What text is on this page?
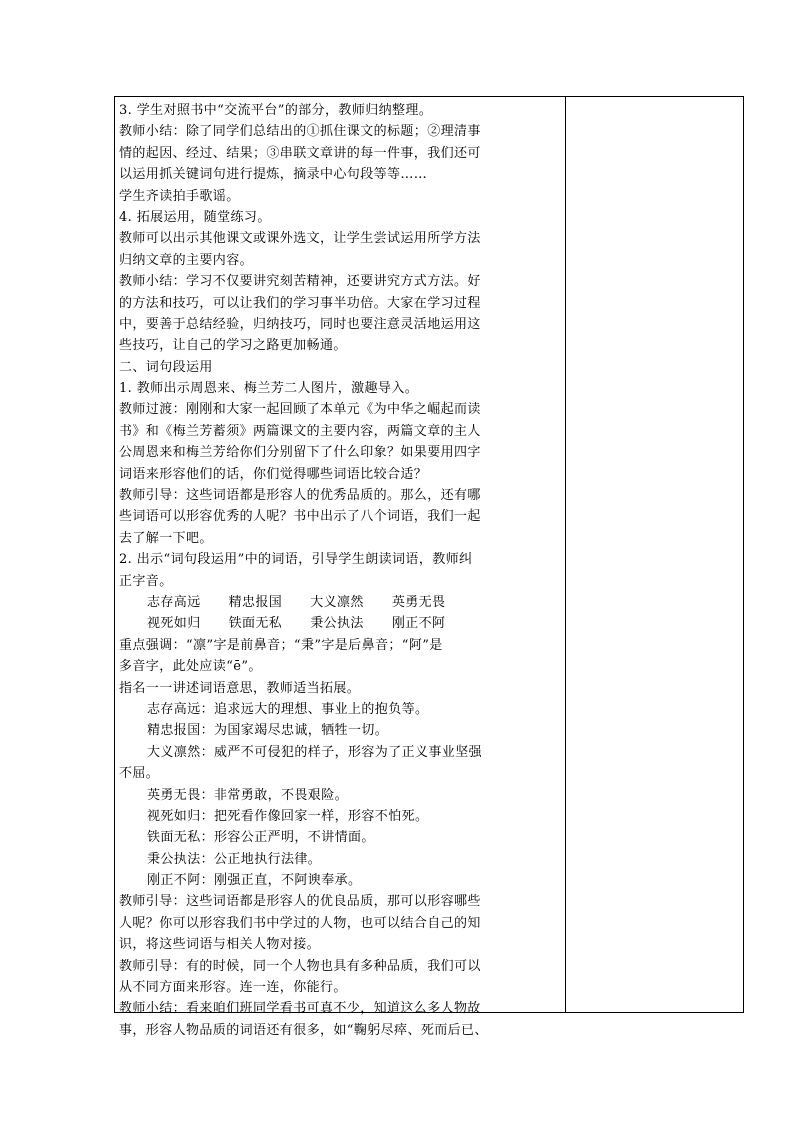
3. 学生对照书中“交流平台”的部分，教师归纳整理。
教师小结：除了同学们总结出的①抓住课文的标题；②理清事
情的起因、经过、结果；③串联文章讲的每一件事，我们还可
以运用抓关键词句进行提炼，摘录中心句段等等……
学生齐读拍手歌谣。
4. 拓展运用，随堂练习。
教师可以出示其他课文或课外选文，让学生尝试运用所学方法
归纳文章的主要内容。
教师小结：学习不仅要讲究刻苦精神，还要讲究方式方法。好
的方法和技巧，可以让我们的学习事半功倍。大家在学习过程
中，要善于总结经验，归纳技巧，同时也要注意灵活地运用这
些技巧，让自己的学习之路更加畅通。
二、词句段运用
1. 教师出示周恩来、梅兰芳二人图片，激趣导入。
教师过渡：刚刚和大家一起回顾了本单元《为中华之崛起而读
书》和《梅兰芳蓄须》两篇课文的主要内容，两篇文章的主人
公周恩来和梅兰芳给你们分别留下了什么印象？如果要用四字
词语来形容他们的话，你们觉得哪些词语比较合适？
教师引导：这些词语都是形容人的优秀品质的。那么，还有哪
些词语可以形容优秀的人呢？书中出示了八个词语，我们一起
去了解一下吧。
2. 出示“词句段运用”中的词语，引导学生朗读词语，教师纠
正字音。
志存高远 精忠报国 大义凛然 英勇无畏
视死如归 铁面无私 秉公执法 刚正不阿
重点强调：“凛”字是前鼻音；“秉”字是后鼻音；“阿”是
多音字，此处应读“ē”。
指名一一讲述词语意思，教师适当拓展。
志存高远：追求远大的理想、事业上的抱负等。
精忠报国：为国家竭尽忠诚，牺牲一切。
大义凛然：威严不可侵犯的样子，形容为了正义事业坚强
不屈。
英勇无畏：非常勇敢，不畏艰险。
视死如归：把死看作像回家一样，形容不怕死。
铁面无私：形容公正严明，不讲情面。
秉公执法：公正地执行法律。
刚正不阿：刚强正直，不阿谀奉承。
教师引导：这些词语都是形容人的优良品质，那可以形容哪些
人呢？你可以形容我们书中学过的人物，也可以结合自己的知
识，将这些词语与相关人物对接。
教师引导：有的时候，同一个人物也具有多种品质，我们可以
从不同方面来形容。连一连，你能行。
教师小结：看来咱们班同学看书可真不少，知道这么多人物故
事，形容人物品质的词语还有很多，如“鞠躬尽瘁、死而后已、
